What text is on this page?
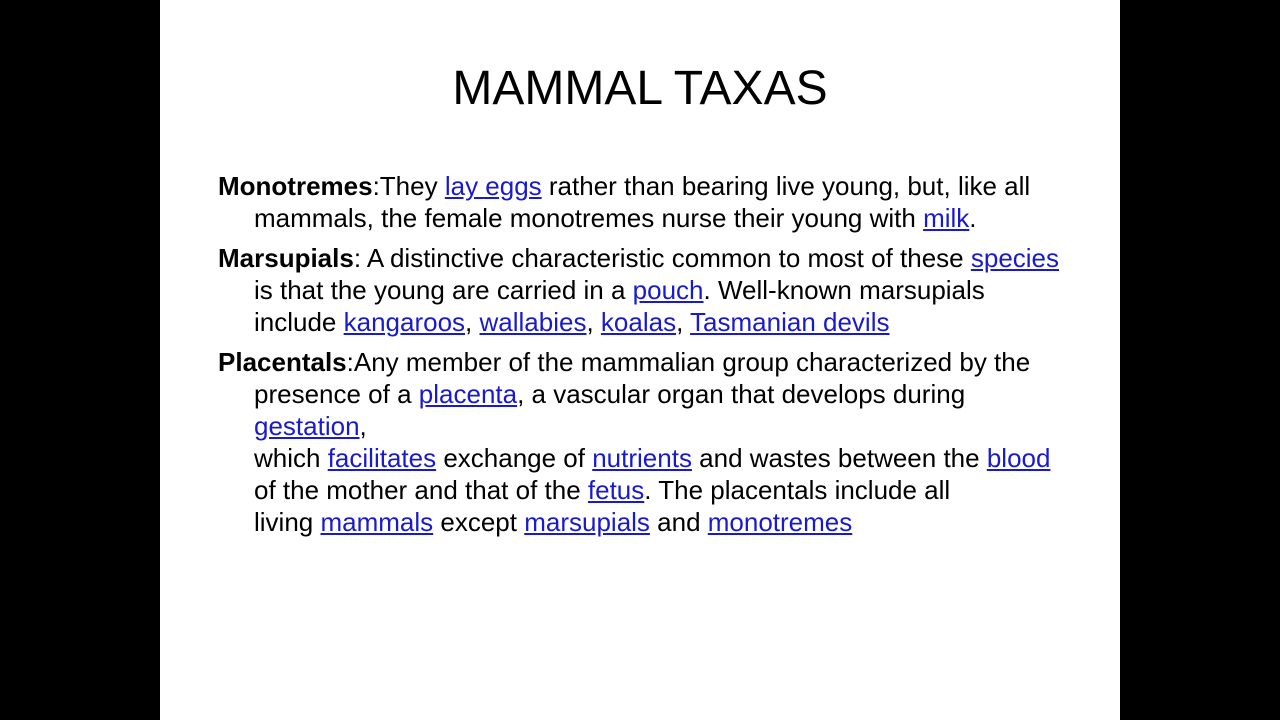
MAMMAL TAXAS

Monotremes:They lay eggs rather than bearing live young, but, like all mammals, the female monotremes nurse their young with milk.

Marsupials: A distinctive characteristic common to most of these species is that the young are carried in a pouch. Well-known marsupials include kangaroos, wallabies, koalas, Tasmanian devils

Placentals:Any member of the mammalian group characterized by the presence of a placenta, a vascular organ that develops during gestation,
which facilitates exchange of nutrients and wastes between the blood of the mother and that of the fetus. The placentals include all
living mammals except marsupials and monotremes
